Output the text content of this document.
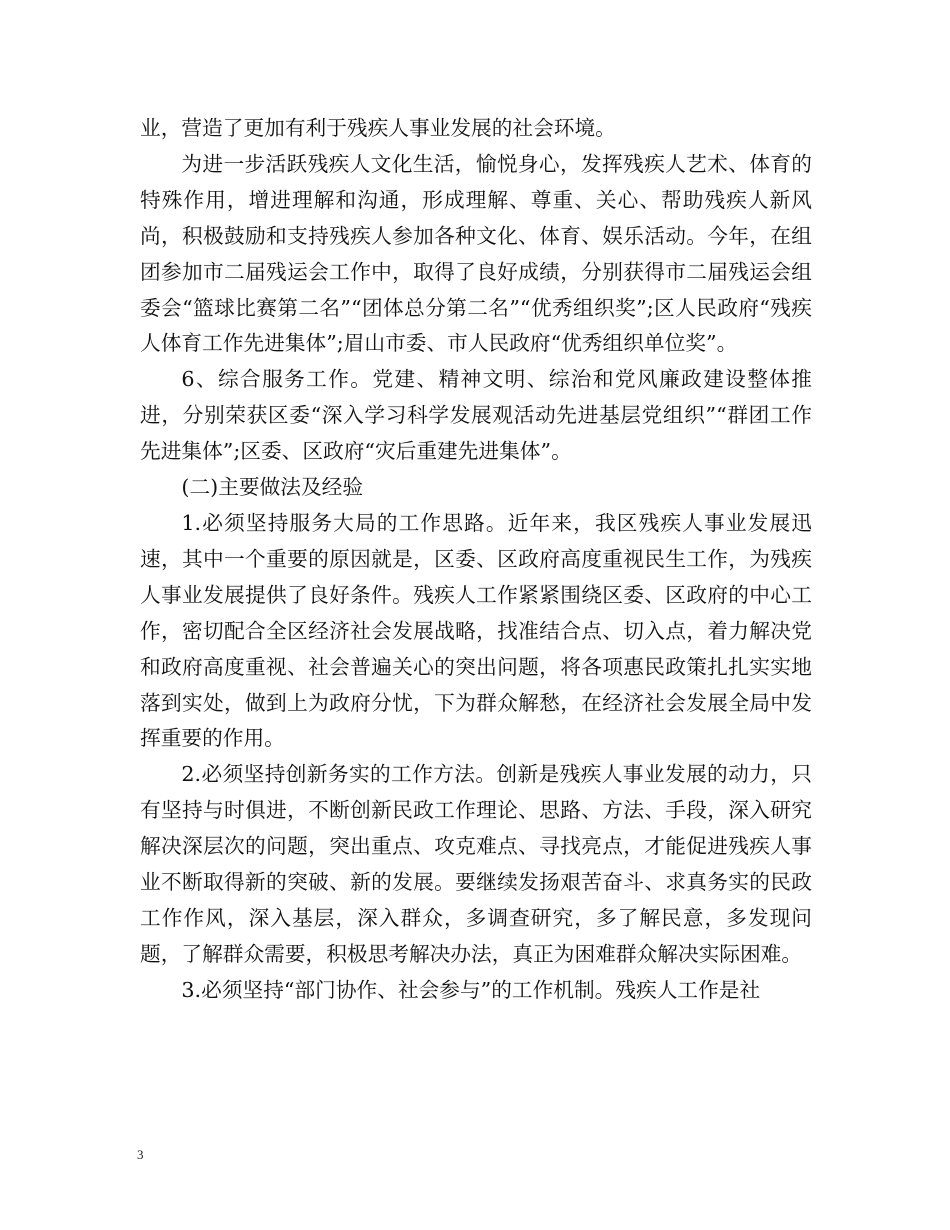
业，营造了更加有利于残疾人事业发展的社会环境。

为进一步活跃残疾人文化生活，愉悦身心，发挥残疾人艺术、体育的特殊作用，增进理解和沟通，形成理解、尊重、关心、帮助残疾人新风尚，积极鼓励和支持残疾人参加各种文化、体育、娱乐活动。今年，在组团参加市二届残运会工作中，取得了良好成绩，分别获得市二届残运会组委会“篮球比赛第二名”“团体总分第二名”“优秀组织奖”;区人民政府“残疾人体育工作先进集体”;眉山市委、市人民政府“优秀组织单位奖”。

6、综合服务工作。党建、精神文明、综治和党风廉政建设整体推进，分别荣获区委“深入学习科学发展观活动先进基层党组织”“群团工作先进集体”;区委、区政府“灾后重建先进集体”。

(二)主要做法及经验

1.必须坚持服务大局的工作思路。近年来，我区残疾人事业发展迅速，其中一个重要的原因就是，区委、区政府高度重视民生工作，为残疾人事业发展提供了良好条件。残疾人工作紧紧围绕区委、区政府的中心工作，密切配合全区经济社会发展战略，找准结合点、切入点，着力解决党和政府高度重视、社会普遍关心的突出问题，将各项惠民政策扎扎实实地落到实处，做到上为政府分忧，下为群众解愁，在经济社会发展全局中发挥重要的作用。

2.必须坚持创新务实的工作方法。创新是残疾人事业发展的动力，只有坚持与时俱进，不断创新民政工作理论、思路、方法、手段，深入研究解决深层次的问题，突出重点、攻克难点、寻找亮点，才能促进残疾人事业不断取得新的突破、新的发展。要继续发扬艰苦奋斗、求真务实的民政工作作风，深入基层，深入群众，多调查研究，多了解民意，多发现问题，了解群众需要，积极思考解决办法，真正为困难群众解决实际困难。

3.必须坚持“部门协作、社会参与”的工作机制。残疾人工作是社

3
